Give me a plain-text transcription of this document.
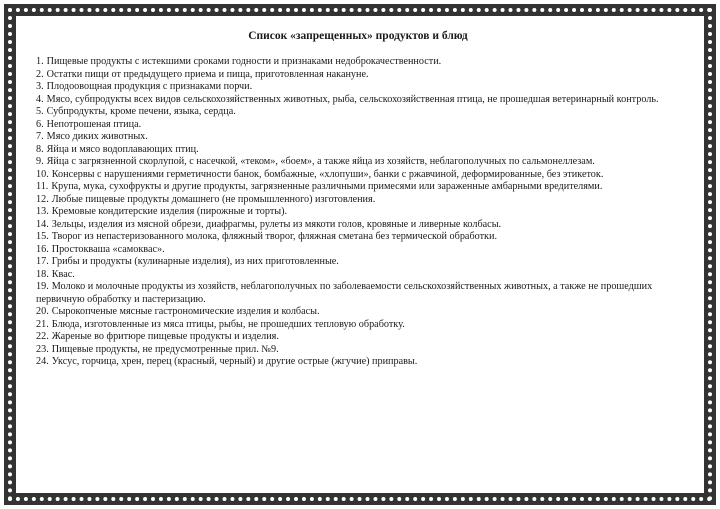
Список «запрещенных» продуктов и блюд
1. Пищевые продукты с истекшими сроками годности и признаками недоброкачественности.
2. Остатки пищи от предыдущего приема и пища, приготовленная накануне.
3. Плодоовощная продукция с признаками порчи.
4. Мясо, субпродукты всех видов сельскохозяйственных животных, рыба, сельскохозяйственная птица, не прошедшая ветеринарный контроль.
5. Субпродукты, кроме печени, языка, сердца.
6. Непотрошеная птица.
7. Мясо диких животных.
8. Яйца и мясо водоплавающих птиц.
9. Яйца с загрязненной скорлупой, с насечкой, «теком», «боем», а также яйца из хозяйств, неблагополучных по сальмонеллезам.
10. Консервы с нарушениями герметичности банок, бомбажные, «хлопуши», банки с ржавчиной, деформированные, без этикеток.
11. Крупа, мука, сухофрукты и другие продукты, загрязненные различными примесями или зараженные амбарными вредителями.
12. Любые пищевые продукты домашнего (не промышленного) изготовления.
13. Кремовые кондитерские изделия (пирожные и торты).
14. Зельцы, изделия из мясной обрези, диафрагмы, рулеты из мякоти голов, кровяные и ливерные колбасы.
15. Творог из непастеризованного молока, фляжный творог, фляжная сметана без термической обработки.
16. Простокваша «самоквас».
17. Грибы и продукты (кулинарные изделия), из них приготовленные.
18. Квас.
19. Молоко и молочные продукты из хозяйств, неблагополучных по заболеваемости сельскохозяйственных животных, а также не прошедших первичную обработку и пастеризацию.
20. Сырокопченые мясные гастрономические изделия и колбасы.
21. Блюда, изготовленные из мяса птицы, рыбы, не прошедших тепловую обработку.
22. Жареные во фритюре пищевые продукты и изделия.
23. Пищевые продукты, не предусмотренные прил. №9.
24. Уксус, горчица, хрен, перец (красный, черный) и другие острые (жгучие) приправы.
